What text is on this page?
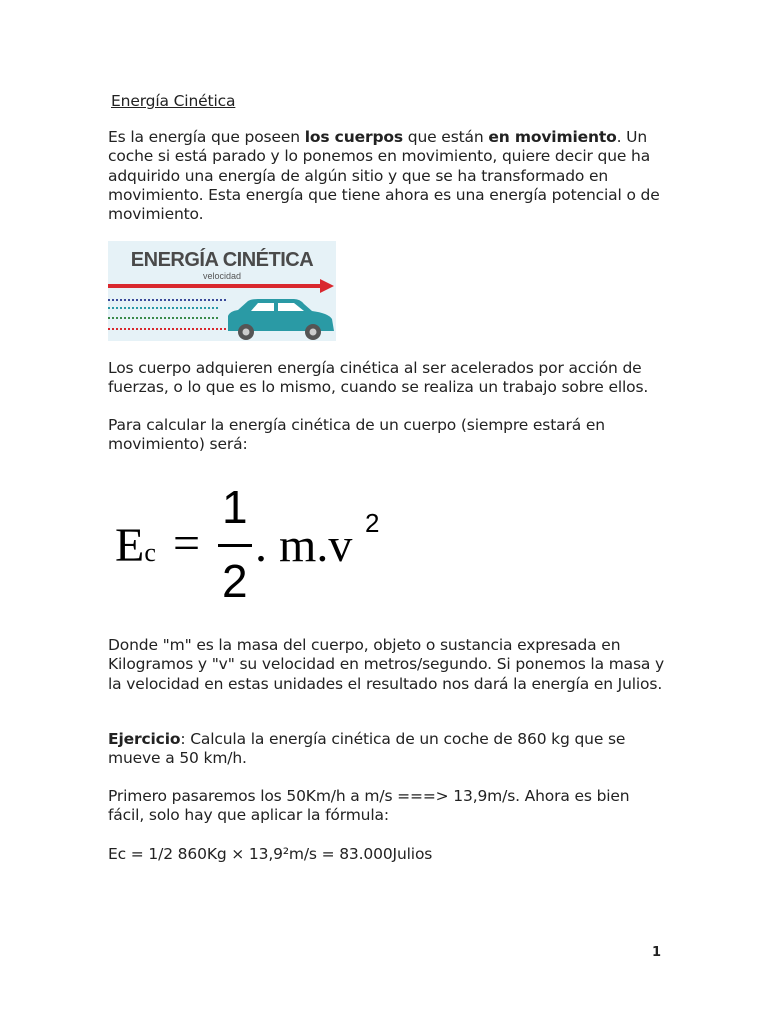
Energía Cinética
Es la energía que poseen los cuerpos que están en movimiento. Un coche si está parado y lo ponemos en movimiento, quiere decir que ha adquirido una energía de algún sitio y que se ha transformado en movimiento. Esta energía que tiene ahora es una energía potencial o de movimiento.
ENERGÍA CINÉTICA
velocidad
Los cuerpo adquieren energía cinética al ser acelerados por acción de fuerzas, o lo que es lo mismo, cuando se realiza un trabajo sobre ellos.
Para calcular la energía cinética de un cuerpo (siempre estará en movimiento) será:
Ec =
1
2
. m.v 2
Donde "m" es la masa del cuerpo, objeto o sustancia expresada en Kilogramos y "v" su velocidad en metros/segundo. Si ponemos la masa y la velocidad en estas unidades el resultado nos dará la energía en Julios.
Ejercicio: Calcula la energía cinética de un coche de 860 kg que se mueve a 50 km/h.
Primero pasaremos los 50Km/h a m/s ===> 13,9m/s. Ahora es bien fácil, solo hay que aplicar la fórmula:
Ec = 1/2 860Kg × 13,9²m/s = 83.000Julios
1
